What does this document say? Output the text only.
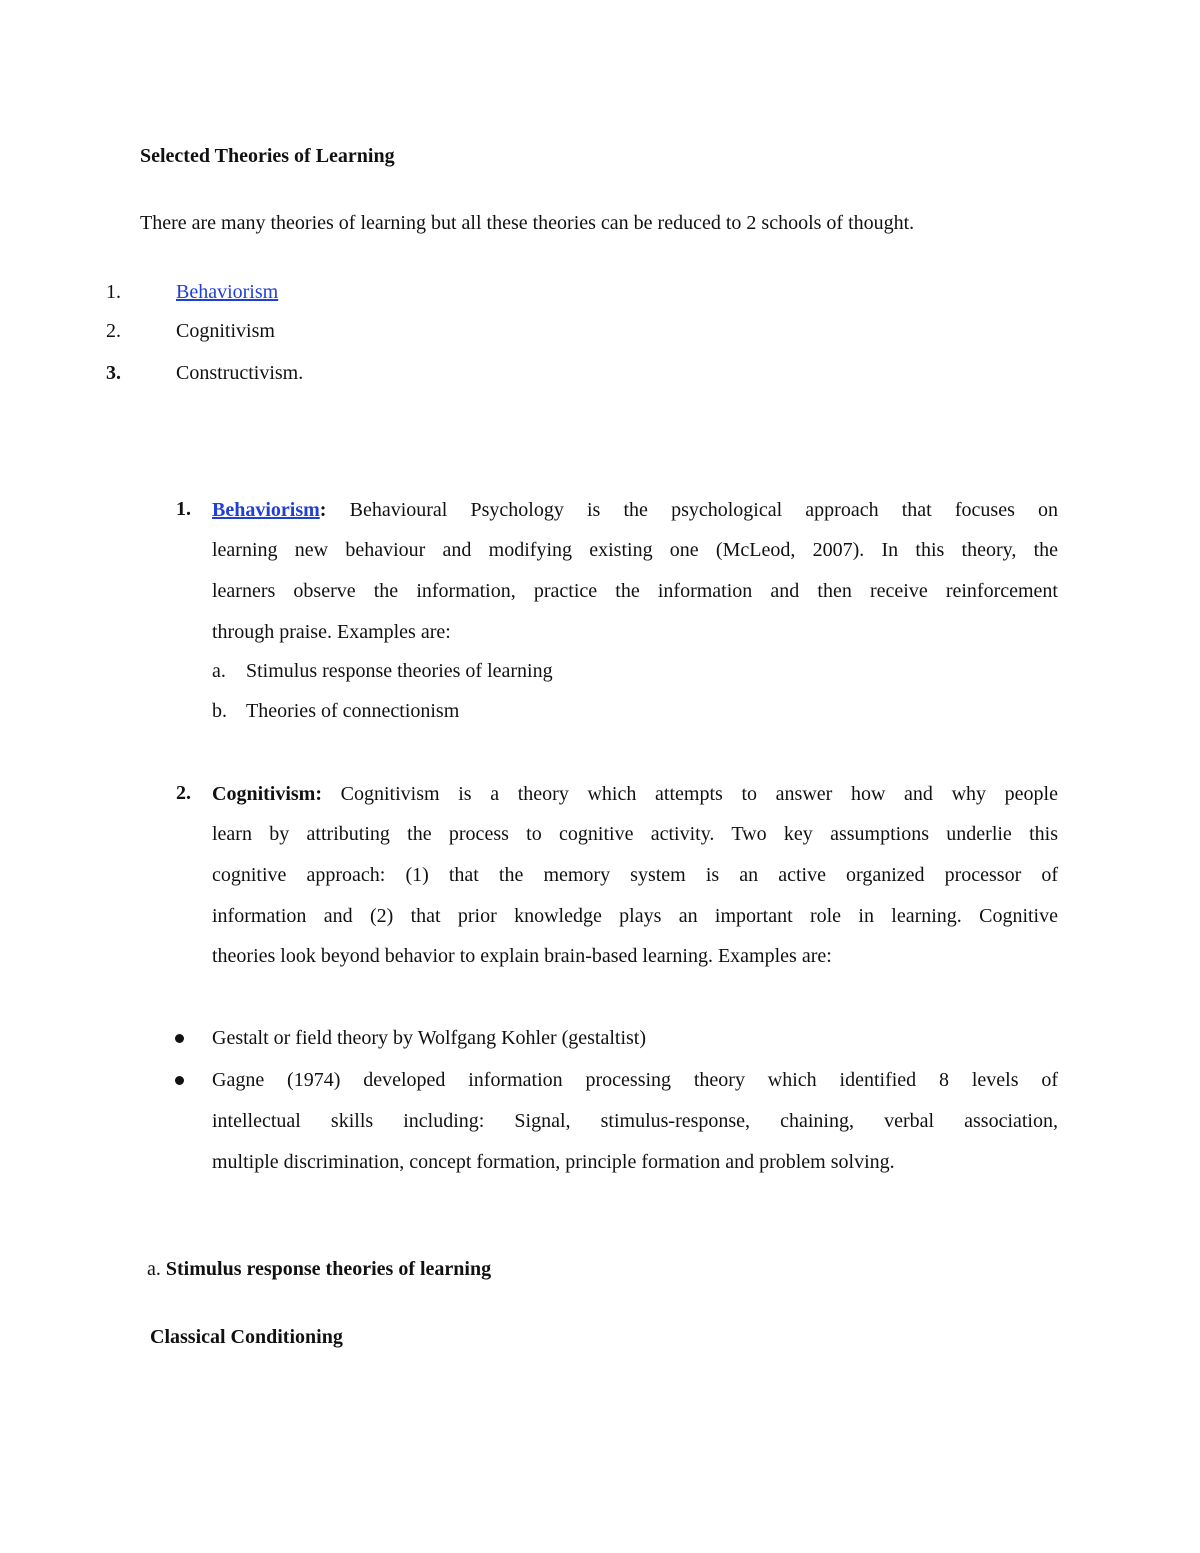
Selected Theories of Learning
There are many theories of learning but all these theories can be reduced to 2 schools of thought.
1.	Behaviorism
2.	Cognitivism
3.	Constructivism.
1. Behaviorism: Behavioural Psychology is the psychological approach that focuses on
learning new behaviour and modifying existing one (McLeod, 2007). In this theory, the
learners observe the information, practice the information and then receive reinforcement
through praise. Examples are:
a. Stimulus response theories of learning
b. Theories of connectionism
2. Cognitivism: Cognitivism is a theory which attempts to answer how and why people
learn by attributing the process to cognitive activity. Two key assumptions underlie this
cognitive approach: (1) that the memory system is an active organized processor of
information and (2) that prior knowledge plays an important role in learning. Cognitive
theories look beyond behavior to explain brain-based learning. Examples are:
Gestalt or field theory by Wolfgang Kohler (gestaltist)
Gagne (1974) developed information processing theory which identified 8 levels of
intellectual skills including: Signal, stimulus-response, chaining, verbal association,
multiple discrimination, concept formation, principle formation and problem solving.
a. Stimulus response theories of learning
Classical Conditioning
